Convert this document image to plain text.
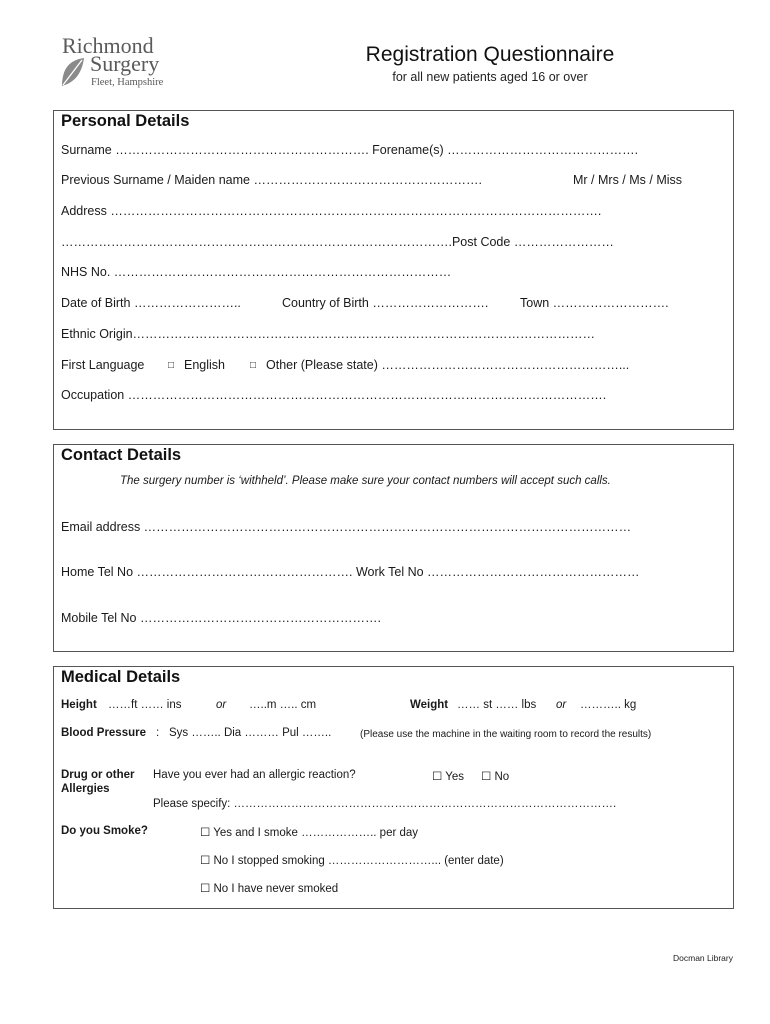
Richmond
Surgery
Fleet, Hampshire
Registration Questionnaire
for all new patients aged 16 or over
Personal Details
Surname ……………………………………………………. Forename(s) ……………………………………….
Previous Surname / Maiden name ……………………………………………….	Mr / Mrs / Ms / Miss
Address ……………………………………………………………………………………………………….
………………………………………………………………………………….Post Code ……………………
NHS No. ………………………………………………………………………
Date of Birth ……………………..	Country of Birth ……………………….	Town ……………………….
Ethnic Origin…………………………………………………………………………………………………
First Language □ English	□ Other (Please state) …………………………………………………...
Occupation …………………………………………………………………………………………………….
Contact Details
The surgery number is ‘withheld’. Please make sure your contact numbers will accept such calls.
Email address ………………………………………………………………………………………………………
Home Tel No ……………………………………………. Work Tel No ……………………………………………
Mobile Tel No ………………………………………………….
Medical Details
Height ……ft …… ins	or …..m ….. cm	Weight …… st …… lbs or ……….. kg
Blood Pressure : Sys …….. Dia ……… Pul ……..	(Please use the machine in the waiting room to record the results)
Drug or other
Allergies
Have you ever had an allergic reaction?	☐ Yes ☐ No
Please specify: ……………………………………………………………………………………….
Do you Smoke?	☐ Yes and I smoke ……………….. per day
☐ No I stopped smoking ………………………... (enter date)
☐ No I have never smoked
Docman Library
